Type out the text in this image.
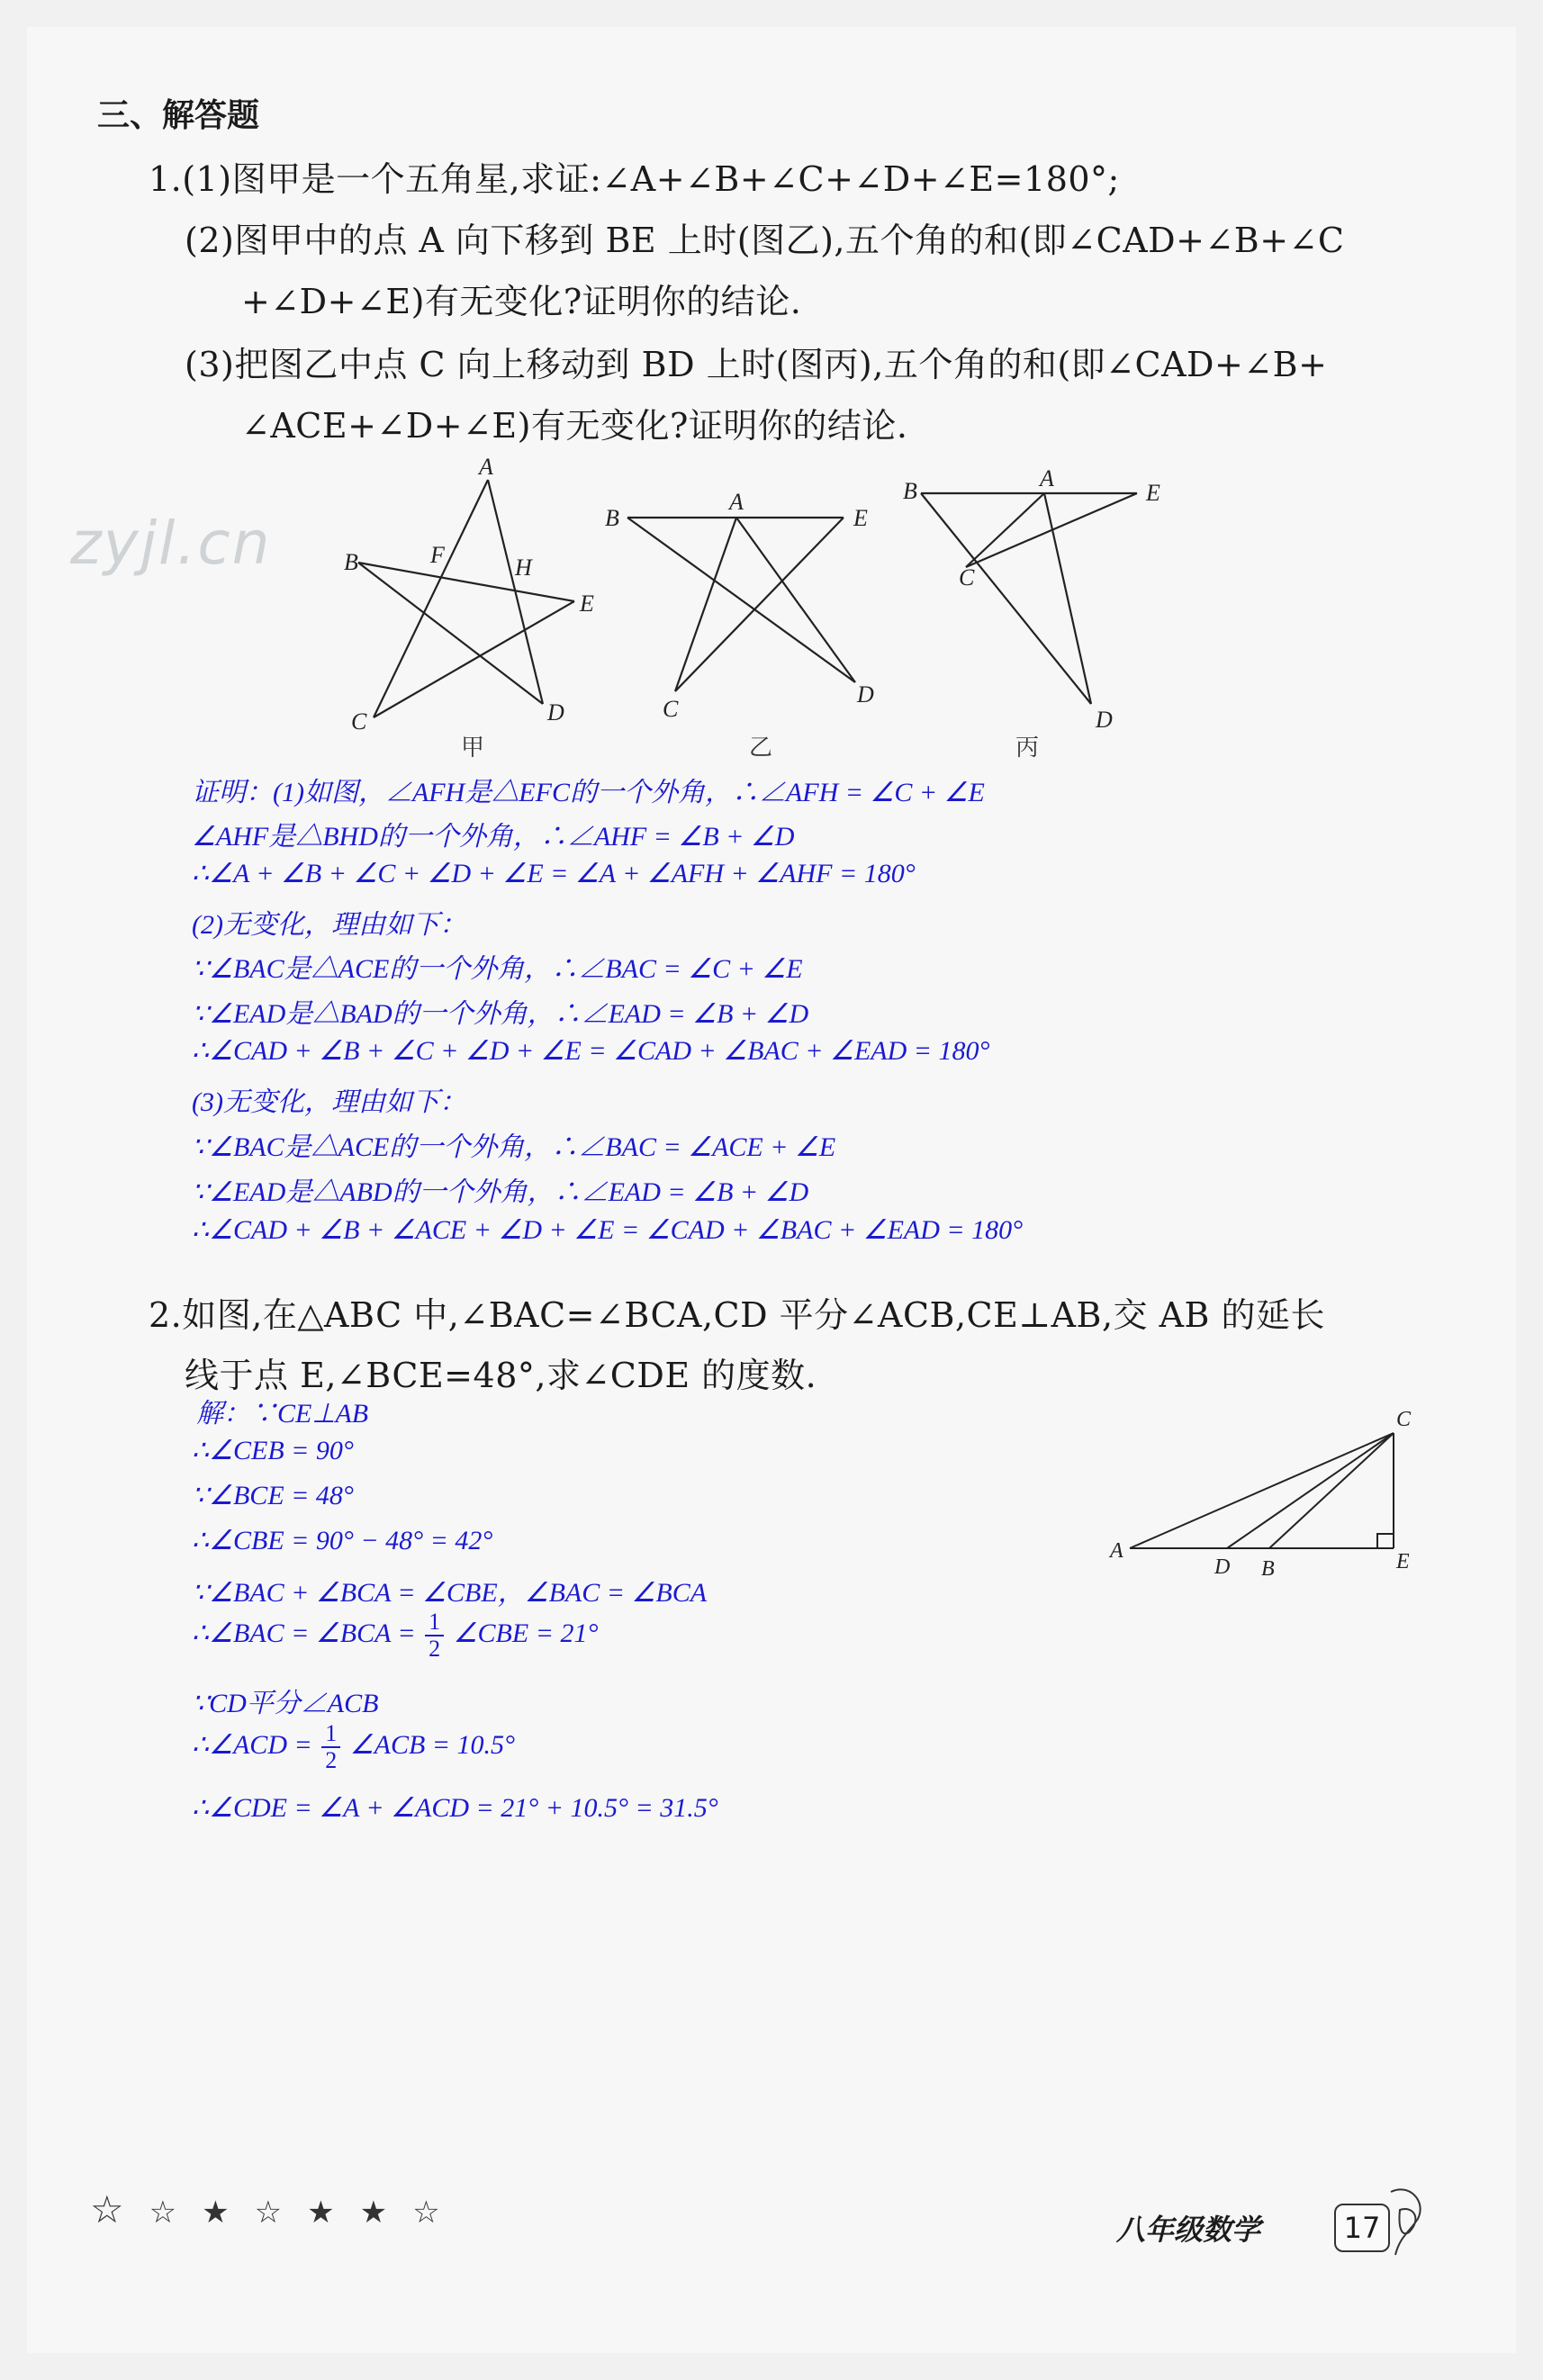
三、解答题
1.(1)图甲是一个五角星,求证:∠A+∠B+∠C+∠D+∠E=180°;
(2)图甲中的点 A 向下移到 BE 上时(图乙),五个角的和(即∠CAD+∠B+∠C
+∠D+∠E)有无变化?证明你的结论.
(3)把图乙中点 C 向上移动到 BD 上时(图丙),五个角的和(即∠CAD+∠B+
∠ACE+∠D+∠E)有无变化?证明你的结论.
zyjl.cn
A
B	F	H
E
C	D
甲
A
B	E
C
D
乙
A
B	E
C
D
丙
证明：(1)如图，∠AFH是△EFC的一个外角，∴∠AFH = ∠C + ∠E
∠AHF是△BHD的一个外角，∴∠AHF = ∠B + ∠D
∴∠A + ∠B + ∠C + ∠D + ∠E = ∠A + ∠AFH + ∠AHF = 180°
(2)无变化，理由如下：
∵∠BAC是△ACE的一个外角，∴∠BAC = ∠C + ∠E
∵∠EAD是△BAD的一个外角，∴∠EAD = ∠B + ∠D
∴∠CAD + ∠B + ∠C + ∠D + ∠E = ∠CAD + ∠BAC + ∠EAD = 180°
(3)无变化，理由如下：
∵∠BAC是△ACE的一个外角，∴∠BAC = ∠ACE + ∠E
∵∠EAD是△ABD的一个外角，∴∠EAD = ∠B + ∠D
∴∠CAD + ∠B + ∠ACE + ∠D + ∠E = ∠CAD + ∠BAC + ∠EAD = 180°
2.如图,在△ABC 中,∠BAC=∠BCA,CD 平分∠ACB,CE⊥AB,交 AB 的延长
线于点 E,∠BCE=48°,求∠CDE 的度数.
解：∵CE⊥AB
∴∠CEB = 90°
∵∠BCE = 48°
∴∠CBE = 90° − 48° = 42°
∵∠BAC + ∠BCA = ∠CBE，∠BAC = ∠BCA
∴∠BAC = ∠BCA = $\frac{1}{2}$ ∠CBE = 21°
∵CD平分∠ACB
∴∠ACD = $\frac{1}{2}$ ∠ACB = 10.5°
∴∠CDE = ∠A + ∠ACD = 21° + 10.5° = 31.5°
C
A
D B	E
☆ ☆ ★ ☆ ★ ★ ☆	八年级数学	17
